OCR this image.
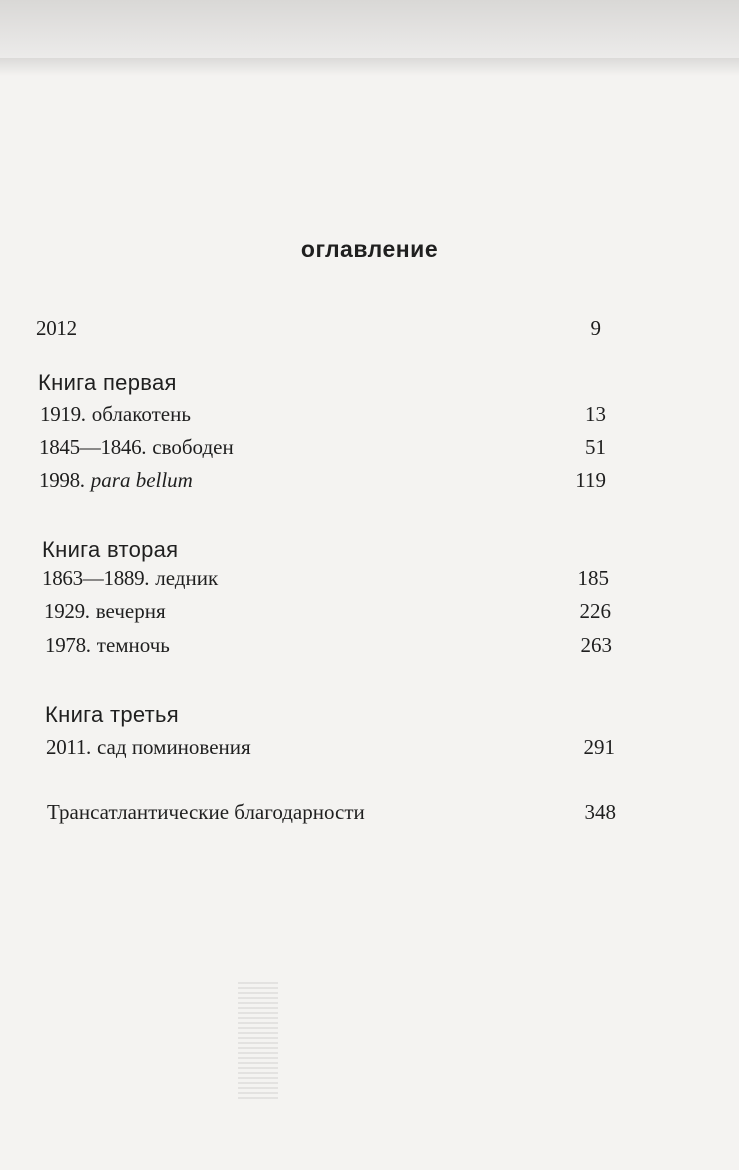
оглавление
2012	9
Книга первая
1919. облакотень	13
1845—1846. свободен	51
1998. para bellum	119
Книга вторая
1863—1889. ледник	185
1929. вечерня	226
1978. темночь	263
Книга третья
2011. сад поминовения	291
Трансатлантические благодарности	348
